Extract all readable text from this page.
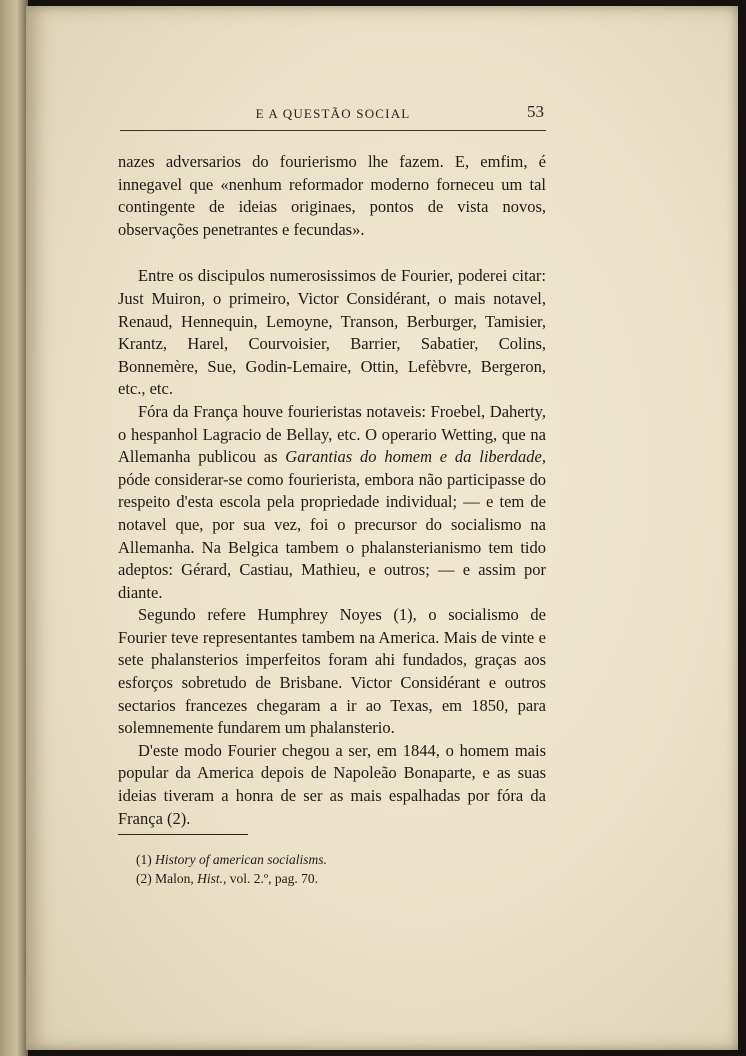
E A QUESTÃO SOCIAL	53

nazes adversarios do fourierismo lhe fazem. E, emfim, é innegavel que «nenhum reformador moderno forneceu um tal contingente de ideias originaes, pontos de vista novos, observações penetrantes e fecundas».

Entre os discipulos numerosissimos de Fourier, poderei citar: Just Muiron, o primeiro, Victor Considérant, o mais notavel, Renaud, Hennequin, Lemoyne, Transon, Berburger, Tamisier, Krantz, Harel, Courvoisier, Barrier, Sabatier, Colins, Bonnemère, Sue, Godin-Lemaire, Ottin, Lefèbvre, Bergeron, etc., etc.

Fóra da França houve fourieristas notaveis: Froebel, Daherty, o hespanhol Lagracio de Bellay, etc. O operario Wetting, que na Allemanha publicou as Garantias do homem e da liberdade, póde considerar-se como fourierista, embora não participasse do respeito d'esta escola pela propriedade individual; — e tem de notavel que, por sua vez, foi o precursor do socialismo na Allemanha. Na Belgica tambem o phalansterianismo tem tido adeptos: Gérard, Castiau, Mathieu, e outros; — e assim por diante.

Segundo refere Humphrey Noyes (1), o socialismo de Fourier teve representantes tambem na America. Mais de vinte e sete phalansterios imperfeitos foram ahi fundados, graças aos esforços sobretudo de Brisbane. Victor Considérant e outros sectarios francezes chegaram a ir ao Texas, em 1850, para solemnemente fundarem um phalansterio.

D'este modo Fourier chegou a ser, em 1844, o homem mais popular da America depois de Napoleão Bonaparte, e as suas ideias tiveram a honra de ser as mais espalhadas por fóra da França (2).

(1) History of american socialisms.
(2) Malon, Hist., vol. 2.º, pag. 70.
